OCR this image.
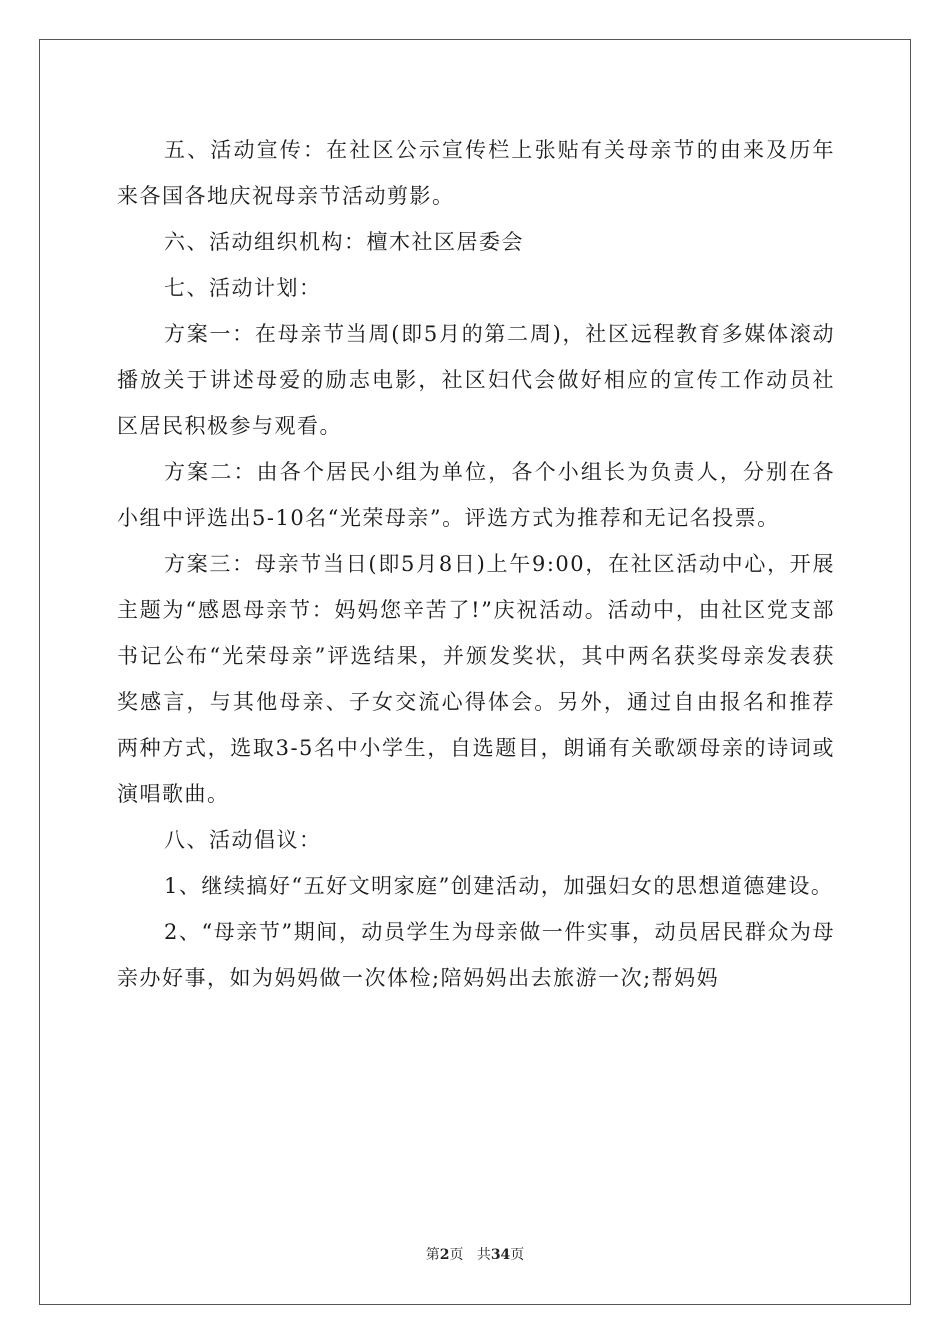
五、活动宣传：在社区公示宣传栏上张贴有关母亲节的由来及历年来各国各地庆祝母亲节活动剪影。

六、活动组织机构：檀木社区居委会

七、活动计划：

方案一：在母亲节当周(即5月的第二周)，社区远程教育多媒体滚动播放关于讲述母爱的励志电影，社区妇代会做好相应的宣传工作动员社区居民积极参与观看。

方案二：由各个居民小组为单位，各个小组长为负责人，分别在各小组中评选出5-10名“光荣母亲”。评选方式为推荐和无记名投票。

方案三：母亲节当日(即5月8日)上午9:00，在社区活动中心，开展主题为“感恩母亲节：妈妈您辛苦了!”庆祝活动。活动中，由社区党支部书记公布“光荣母亲”评选结果，并颁发奖状，其中两名获奖母亲发表获奖感言，与其他母亲、子女交流心得体会。另外，通过自由报名和推荐两种方式，选取3-5名中小学生，自选题目，朗诵有关歌颂母亲的诗词或演唱歌曲。

八、活动倡议：

1、继续搞好“五好文明家庭”创建活动，加强妇女的思想道德建设。

2、“母亲节”期间，动员学生为母亲做一件实事，动员居民群众为母亲办好事，如为妈妈做一次体检;陪妈妈出去旅游一次;帮妈妈

第2页 共34页
